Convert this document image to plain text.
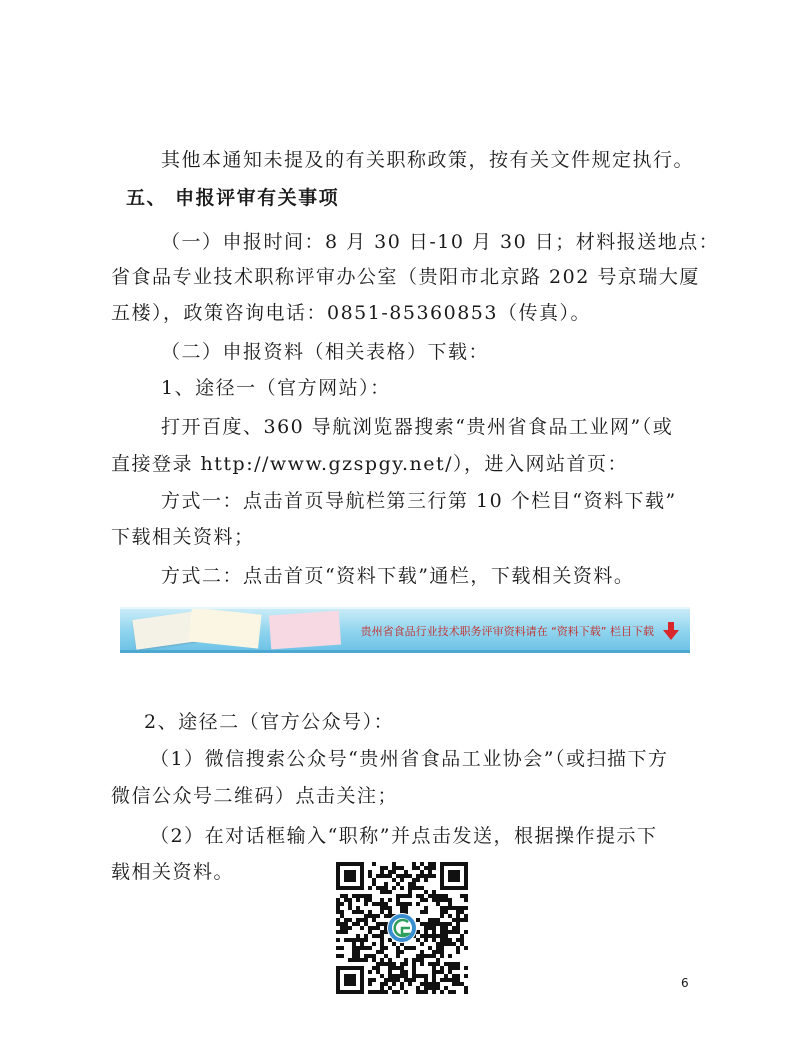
其他本通知未提及的有关职称政策，按有关文件规定执行。
五、 申报评审有关事项
（一）申报时间：8 月 30 日-10 月 30 日；材料报送地点：
省食品专业技术职称评审办公室（贵阳市北京路 202 号京瑞大厦
五楼），政策咨询电话：0851-85360853（传真）。
（二）申报资料（相关表格）下载：
1、途径一（官方网站）：
打开百度、360 导航浏览器搜索“贵州省食品工业网”（或
直接登录 http://www.gzspgy.net/），进入网站首页：
方式一：点击首页导航栏第三行第 10 个栏目“资料下载”
下载相关资料；
方式二：点击首页“资料下载”通栏，下载相关资料。
贵州省食品行业技术职务评审资料请在 “资料下载” 栏目下载
2、途径二（官方公众号）：
（1）微信搜索公众号“贵州省食品工业协会”（或扫描下方
微信公众号二维码）点击关注；
（2）在对话框输入“职称”并点击发送，根据操作提示下
载相关资料。
6
